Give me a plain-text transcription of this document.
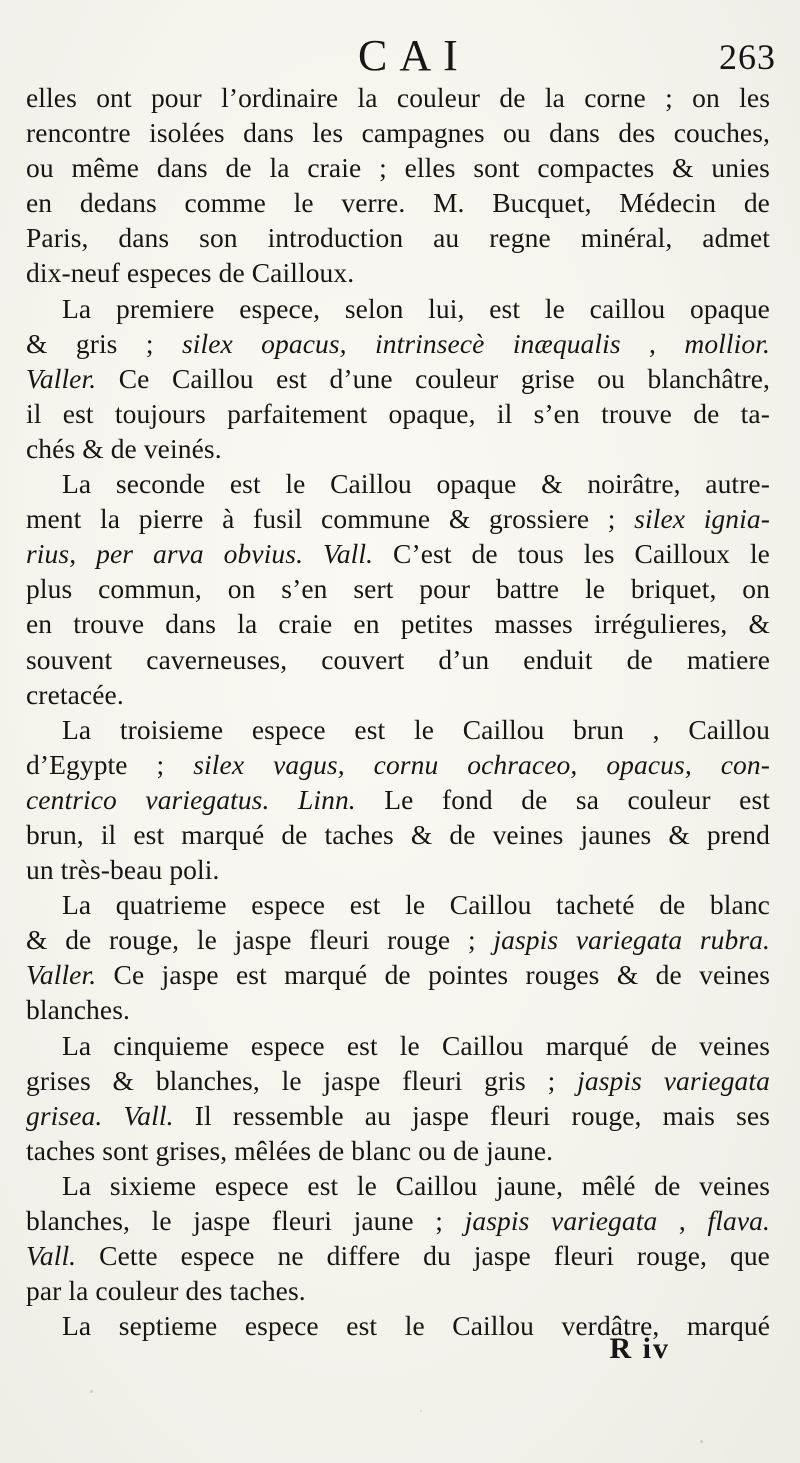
CAI	263
elles ont pour l’ordinaire la couleur de la corne ; on les
rencontre isolées dans les campagnes ou dans des couches,
ou même dans de la craie ; elles sont compactes & unies
en dedans comme le verre. M. Bucquet, Médecin de
Paris, dans son introduction au regne minéral, admet
dix-neuf especes de Cailloux.
La premiere espece, selon lui, est le caillou opaque
& gris ; silex opacus, intrinsecè inæqualis , mollior.
Valler. Ce Caillou est d’une couleur grise ou blanchâtre,
il est toujours parfaitement opaque, il s’en trouve de ta-
chés & de veinés.
La seconde est le Caillou opaque & noirâtre, autre-
ment la pierre à fusil commune & grossiere ; silex ignia-
rius, per arva obvius. Vall. C’est de tous les Cailloux le
plus commun, on s’en sert pour battre le briquet, on
en trouve dans la craie en petites masses irrégulieres, &
souvent caverneuses, couvert d’un enduit de matiere
cretacée.
La troisieme espece est le Caillou brun , Caillou
d’Egypte ; silex vagus, cornu ochraceo, opacus, con-
centrico variegatus. Linn. Le fond de sa couleur est
brun, il est marqué de taches & de veines jaunes & prend
un très-beau poli.
La quatrieme espece est le Caillou tacheté de blanc
& de rouge, le jaspe fleuri rouge ; jaspis variegata rubra.
Valler. Ce jaspe est marqué de pointes rouges & de veines
blanches.
La cinquieme espece est le Caillou marqué de veines
grises & blanches, le jaspe fleuri gris ; jaspis variegata
grisea. Vall. Il ressemble au jaspe fleuri rouge, mais ses
taches sont grises, mêlées de blanc ou de jaune.
La sixieme espece est le Caillou jaune, mêlé de veines
blanches, le jaspe fleuri jaune ; jaspis variegata , flava.
Vall. Cette espece ne differe du jaspe fleuri rouge, que
par la couleur des taches.
La septieme espece est le Caillou verdâtre, marqué
R iv
